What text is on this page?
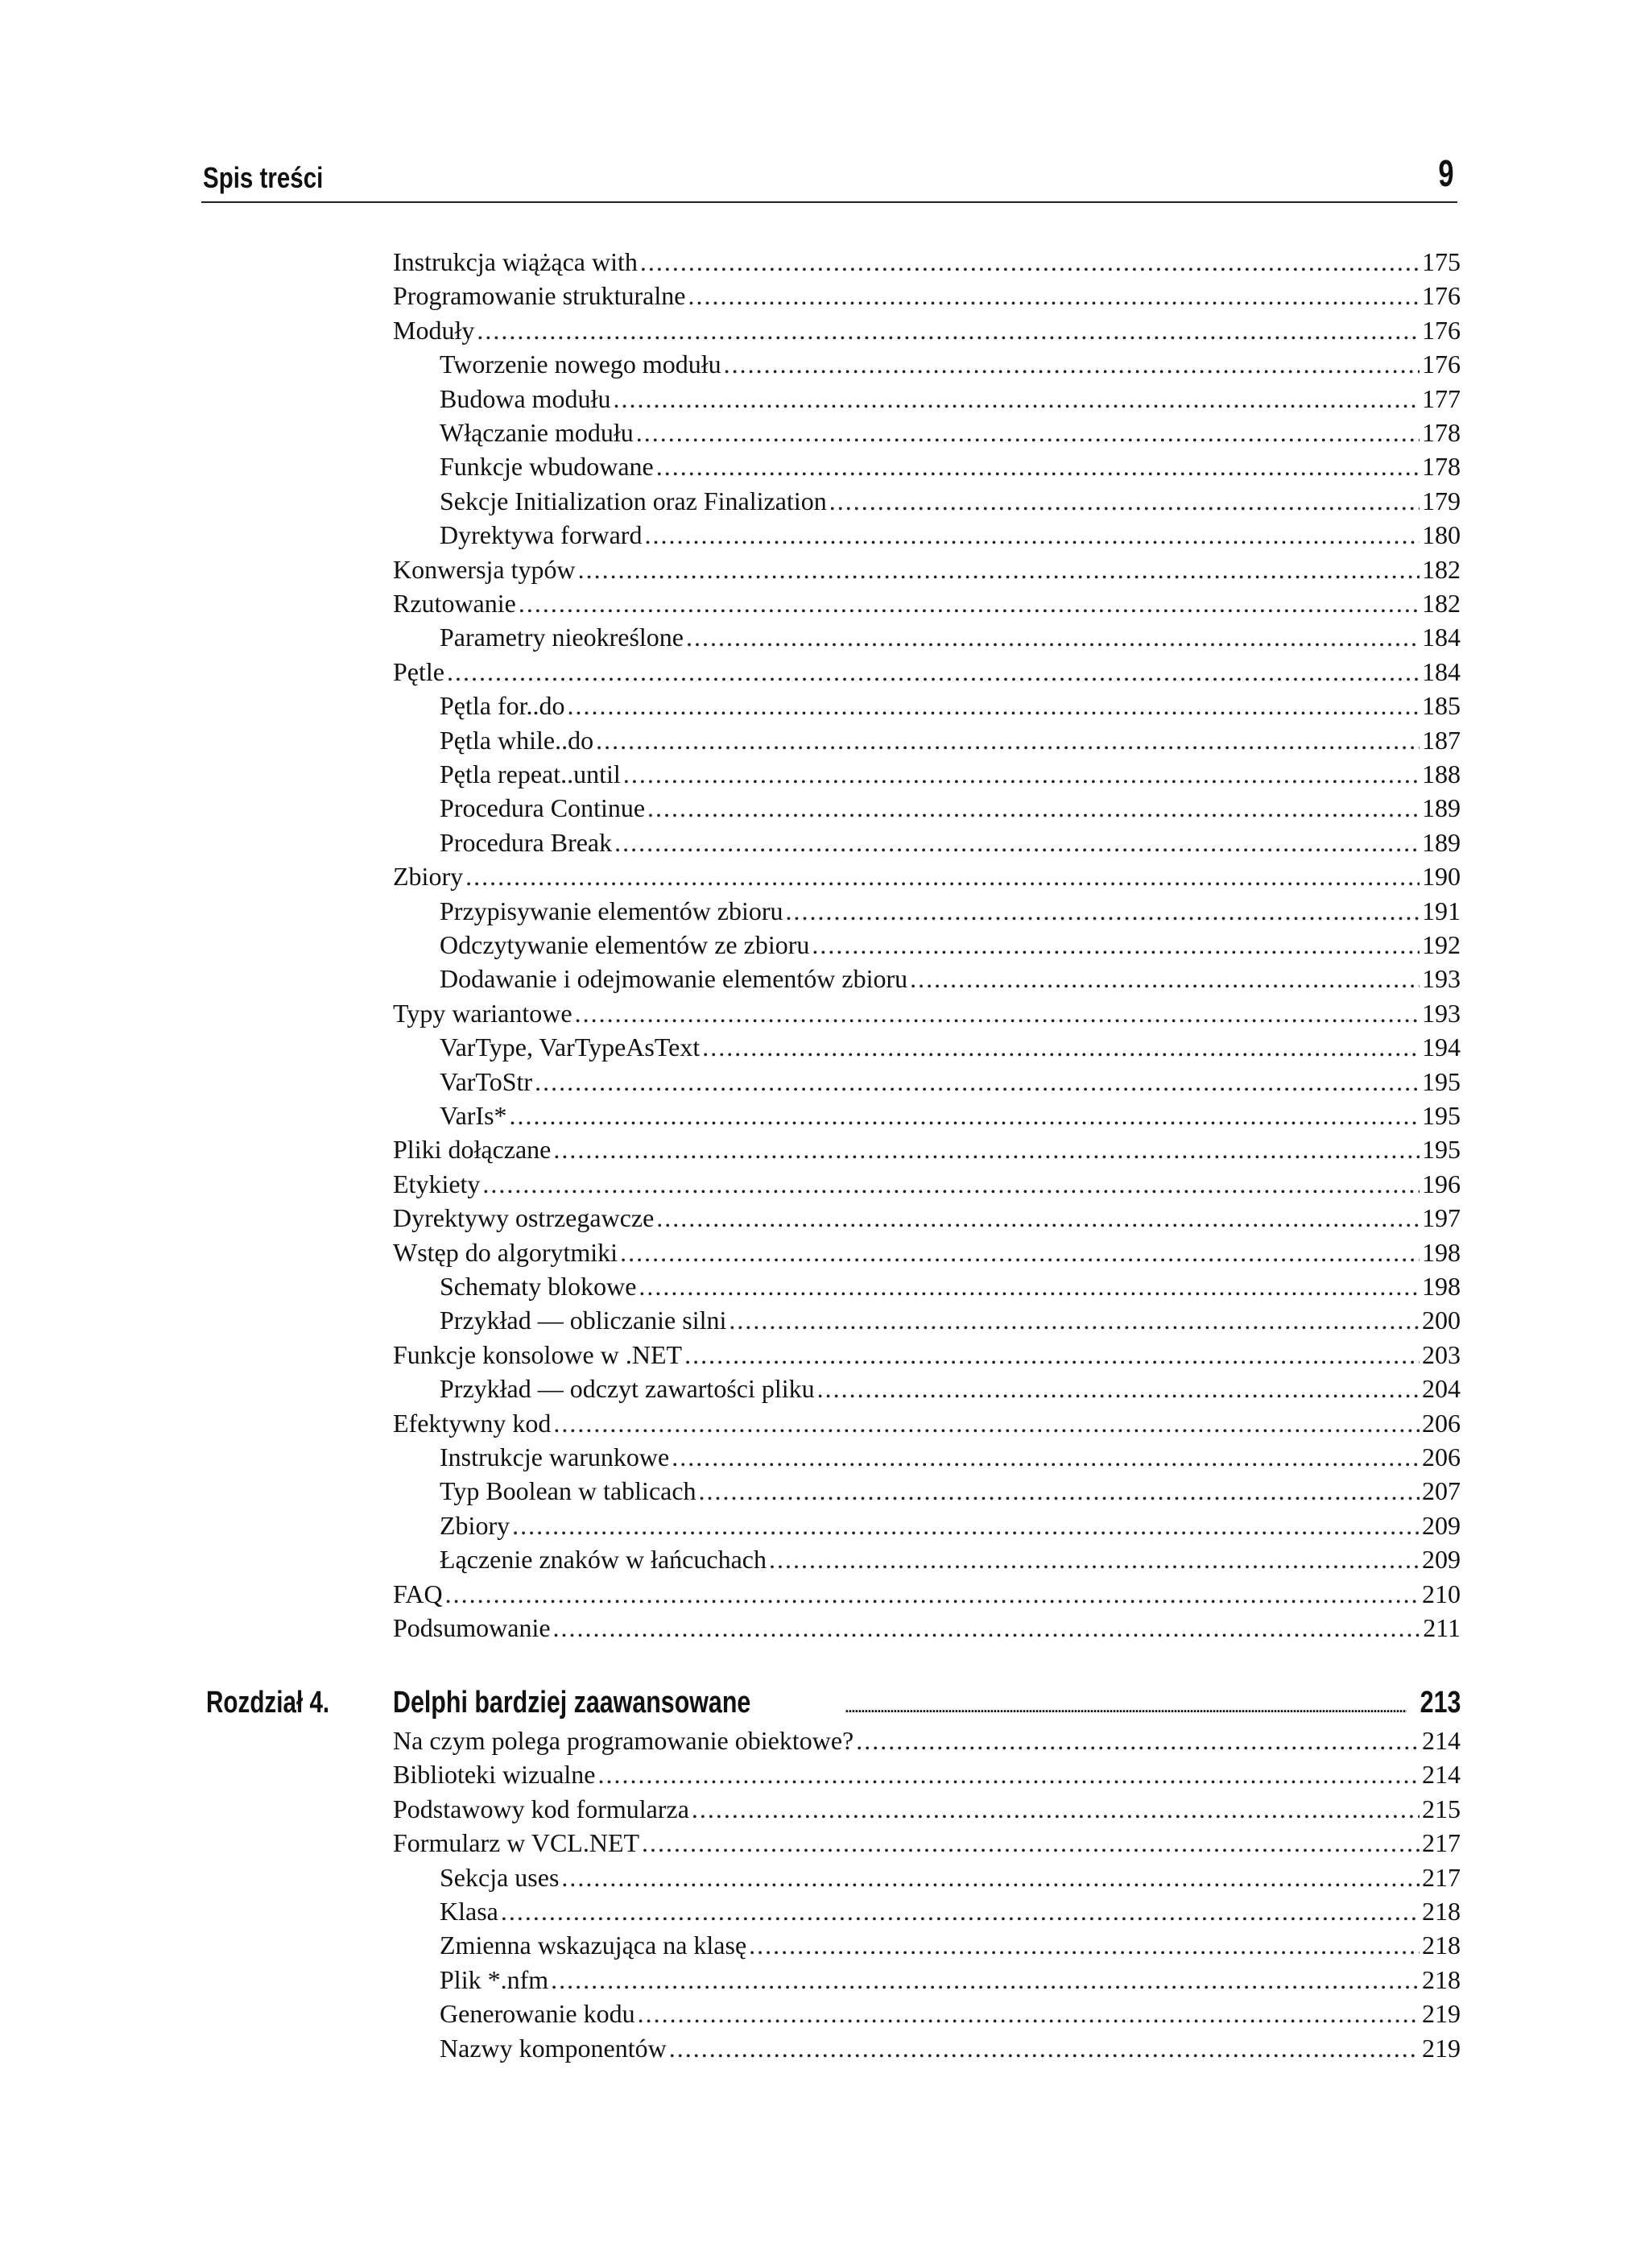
Spis treści	9
Instrukcja wiążąca with . . .	175
Programowanie strukturalne . . .	176
Moduły . . .	176
Tworzenie nowego modułu . . .	176
Budowa modułu . . .	177
Włączanie modułu . . .	178
Funkcje wbudowane . . .	178
Sekcje Initialization oraz Finalization . . .	179
Dyrektywa forward . . .	180
Konwersja typów . . .	182
Rzutowanie . . .	182
Parametry nieokreślone . . .	184
Pętle . . .	184
Pętla for..do . . .	185
Pętla while..do . . .	187
Pętla repeat..until . . .	188
Procedura Continue . . .	189
Procedura Break . . .	189
Zbiory . . .	190
Przypisywanie elementów zbioru . . .	191
Odczytywanie elementów ze zbioru . . .	192
Dodawanie i odejmowanie elementów zbioru . . .	193
Typy wariantowe . . .	193
VarType, VarTypeAsText . . .	194
VarToStr . . .	195
VarIs* . . .	195
Pliki dołączane . . .	195
Etykiety . . .	196
Dyrektywy ostrzegawcze . . .	197
Wstęp do algorytmiki . . .	198
Schematy blokowe . . .	198
Przykład — obliczanie silni . . .	200
Funkcje konsolowe w .NET . . .	203
Przykład — odczyt zawartości pliku . . .	204
Efektywny kod . . .	206
Instrukcje warunkowe . . .	206
Typ Boolean w tablicach . . .	207
Zbiory . . .	209
Łączenie znaków w łańcuchach . . .	209
FAQ . . .	210
Podsumowanie . . .	211
Rozdział 4. Delphi bardziej zaawansowane .....	213
Na czym polega programowanie obiektowe? . . .	214
Biblioteki wizualne . . .	214
Podstawowy kod formularza . . .	215
Formularz w VCL.NET . . .	217
Sekcja uses . . .	217
Klasa . . .	218
Zmienna wskazująca na klasę . . .	218
Plik *.nfm . . .	218
Generowanie kodu . . .	219
Nazwy komponentów . . .	219
